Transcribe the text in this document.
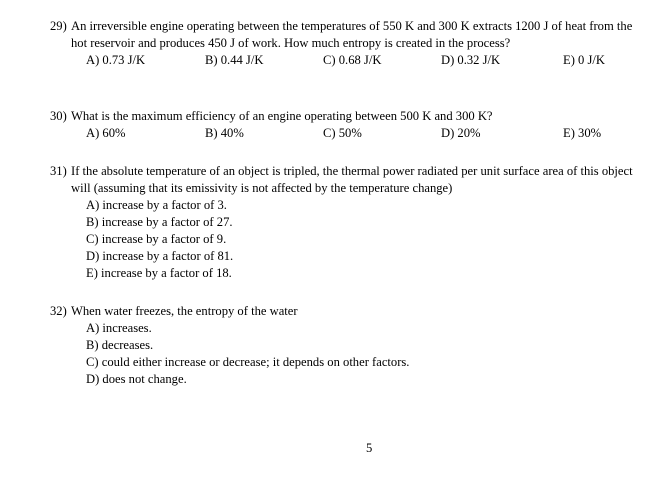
29) An irreversible engine operating between the temperatures of 550 K and 300 K extracts 1200 J of heat from the hot reservoir and produces 450 J of work. How much entropy is created in the process?
A) 0.73 J/K	B) 0.44 J/K	C) 0.68 J/K	D) 0.32 J/K	E) 0 J/K
30) What is the maximum efficiency of an engine operating between 500 K and 300 K?
A) 60%	B) 40%	C) 50%	D) 20%	E) 30%
31) If the absolute temperature of an object is tripled, the thermal power radiated per unit surface area of this object will (assuming that its emissivity is not affected by the temperature change)
A) increase by a factor of 3.
B) increase by a factor of 27.
C) increase by a factor of 9.
D) increase by a factor of 81.
E) increase by a factor of 18.
32) When water freezes, the entropy of the water
A) increases.
B) decreases.
C) could either increase or decrease; it depends on other factors.
D) does not change.
5
